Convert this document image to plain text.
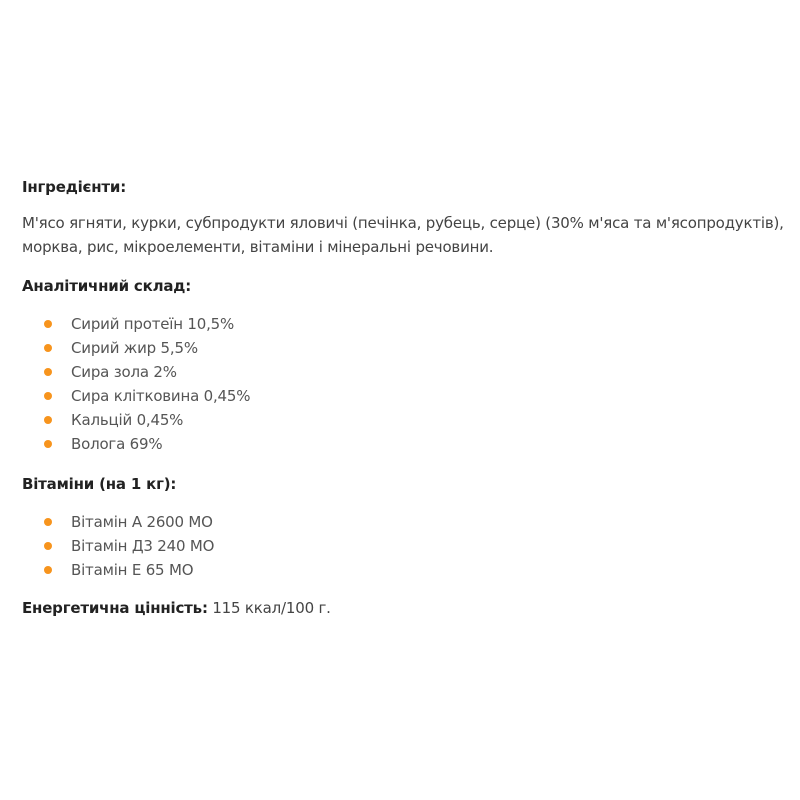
Інгредієнти:
М'ясо ягняти, курки, субпродукти яловичі (печінка, рубець, серце) (30% м'яса та м'ясопродуктів),
морква, рис, мікроелементи, вітаміни і мінеральні речовини.
Аналітичний склад:
Сирий протеїн 10,5%
Сирий жир 5,5%
Сира зола 2%
Сира клітковина 0,45%
Кальцій 0,45%
Волога 69%
Вітаміни (на 1 кг):
Вітамін А 2600 МО
Вітамін Д3 240 МО
Вітамін Е 65 МО
Енергетична цінність: 115 ккал/100 г.
